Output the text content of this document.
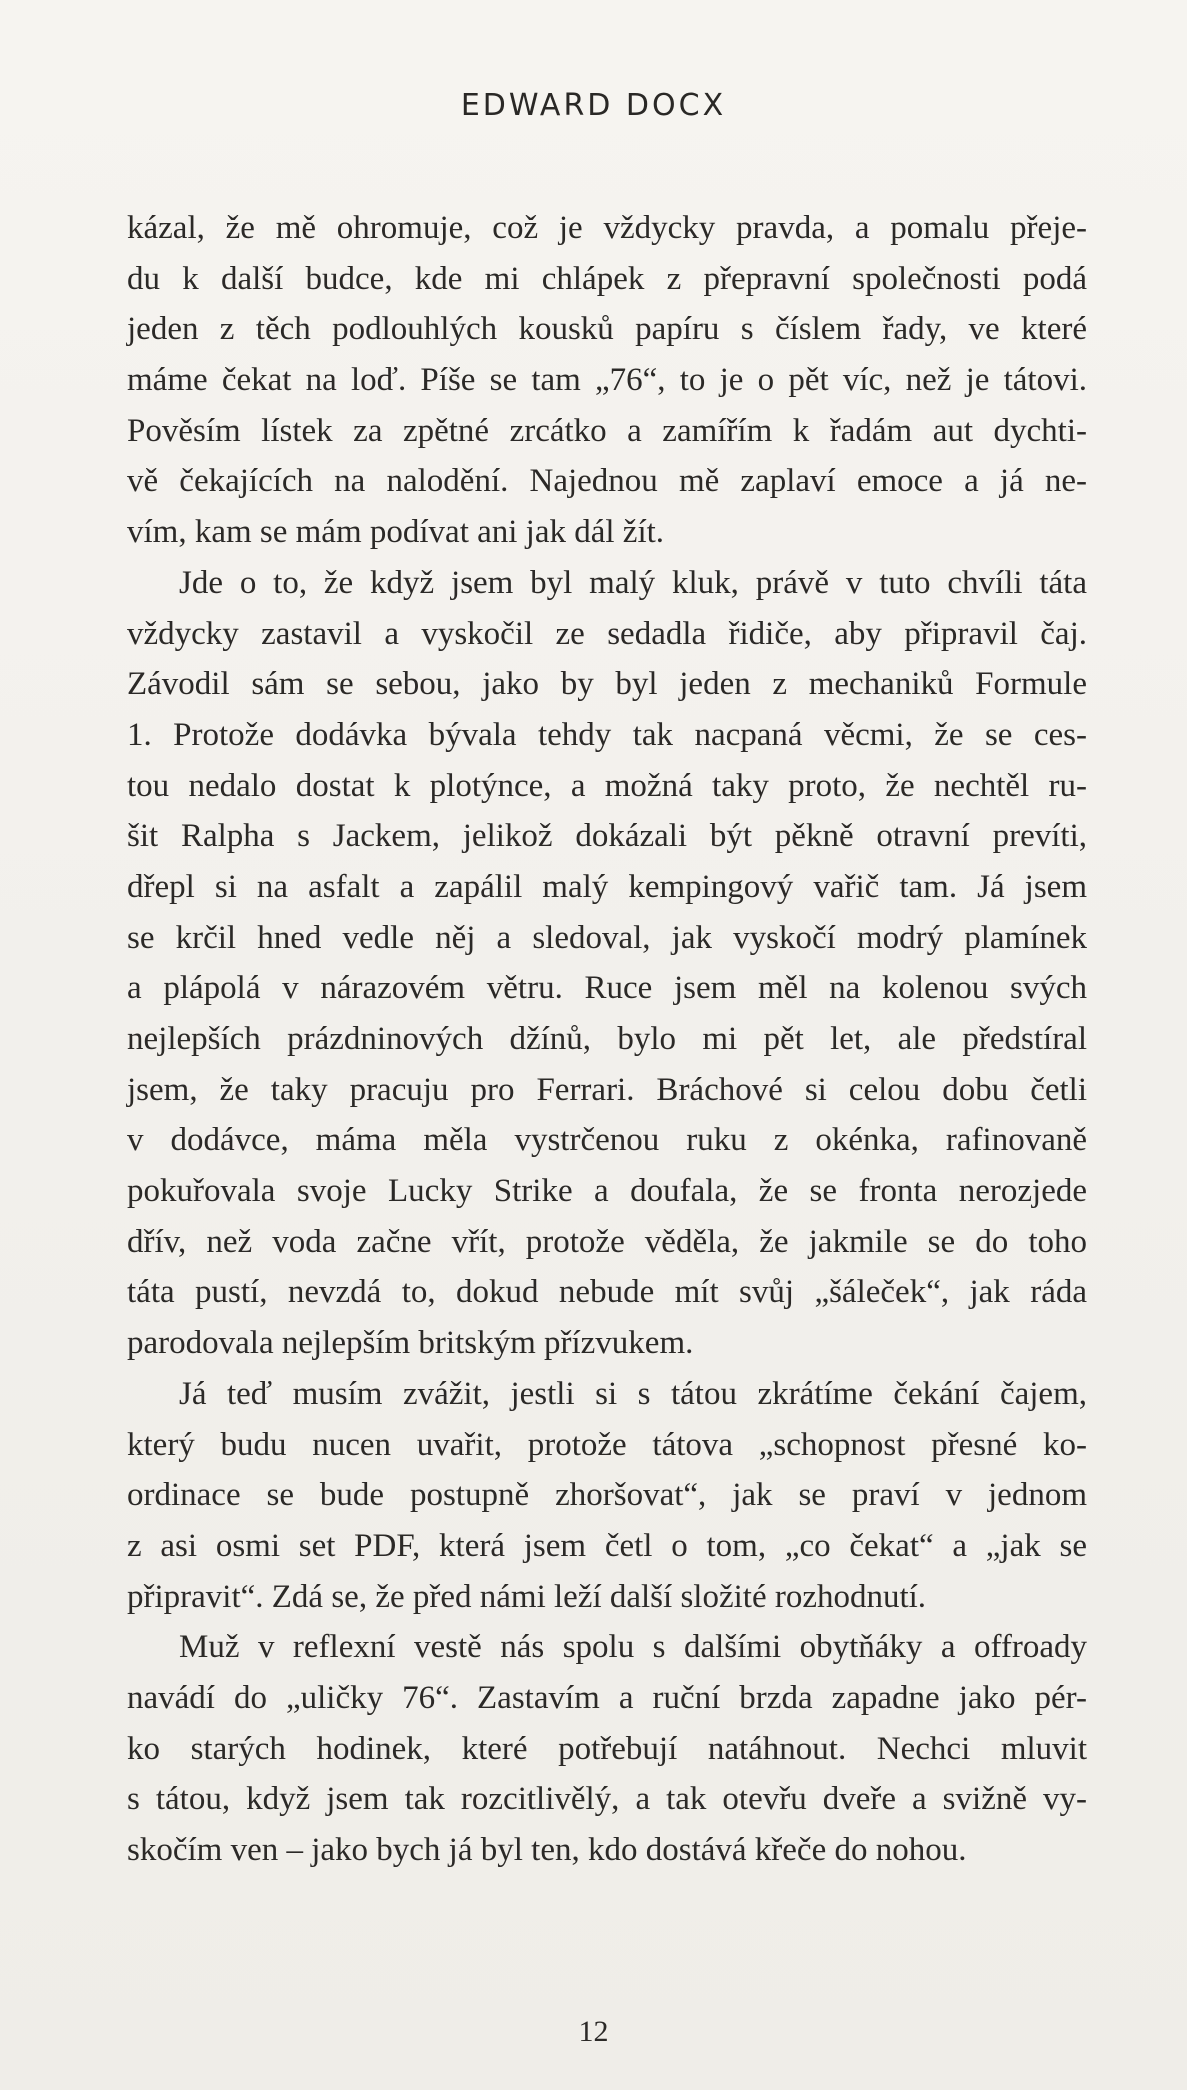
EDWARD DOCX
kázal, že mě ohromuje, což je vždycky pravda, a pomalu přeje-
du k další budce, kde mi chlápek z přepravní společnosti podá
jeden z těch podlouhlých kousků papíru s číslem řady, ve které
máme čekat na loď. Píše se tam „76“, to je o pět víc, než je tátovi.
Pověsím lístek za zpětné zrcátko a zamířím k řadám aut dychti-
vě čekajících na nalodění. Najednou mě zaplaví emoce a já ne-
vím, kam se mám podívat ani jak dál žít.
Jde o to, že když jsem byl malý kluk, právě v tuto chvíli táta
vždycky zastavil a vyskočil ze sedadla řidiče, aby připravil čaj.
Závodil sám se sebou, jako by byl jeden z mechaniků Formule
1. Protože dodávka bývala tehdy tak nacpaná věcmi, že se ces-
tou nedalo dostat k plotýnce, a možná taky proto, že nechtěl ru-
šit Ralpha s Jackem, jelikož dokázali být pěkně otravní prevíti,
dřepl si na asfalt a zapálil malý kempingový vařič tam. Já jsem
se krčil hned vedle něj a sledoval, jak vyskočí modrý plamínek
a plápolá v nárazovém větru. Ruce jsem měl na kolenou svých
nejlepších prázdninových džínů, bylo mi pět let, ale předstíral
jsem, že taky pracuju pro Ferrari. Bráchové si celou dobu četli
v dodávce, máma měla vystrčenou ruku z okénka, rafinovaně
pokuřovala svoje Lucky Strike a doufala, že se fronta nerozjede
dřív, než voda začne vřít, protože věděla, že jakmile se do toho
táta pustí, nevzdá to, dokud nebude mít svůj „šáleček“, jak ráda
parodovala nejlepším britským přízvukem.
Já teď musím zvážit, jestli si s tátou zkrátíme čekání čajem,
který budu nucen uvařit, protože tátova „schopnost přesné ko-
ordinace se bude postupně zhoršovat“, jak se praví v jednom
z asi osmi set PDF, která jsem četl o tom, „co čekat“ a „jak se
připravit“. Zdá se, že před námi leží další složité rozhodnutí.
Muž v reflexní vestě nás spolu s dalšími obytňáky a offroady
navádí do „uličky 76“. Zastavím a ruční brzda zapadne jako pér-
ko starých hodinek, které potřebují natáhnout. Nechci mluvit
s tátou, když jsem tak rozcitlivělý, a tak otevřu dveře a svižně vy-
skočím ven – jako bych já byl ten, kdo dostává křeče do nohou.
12
